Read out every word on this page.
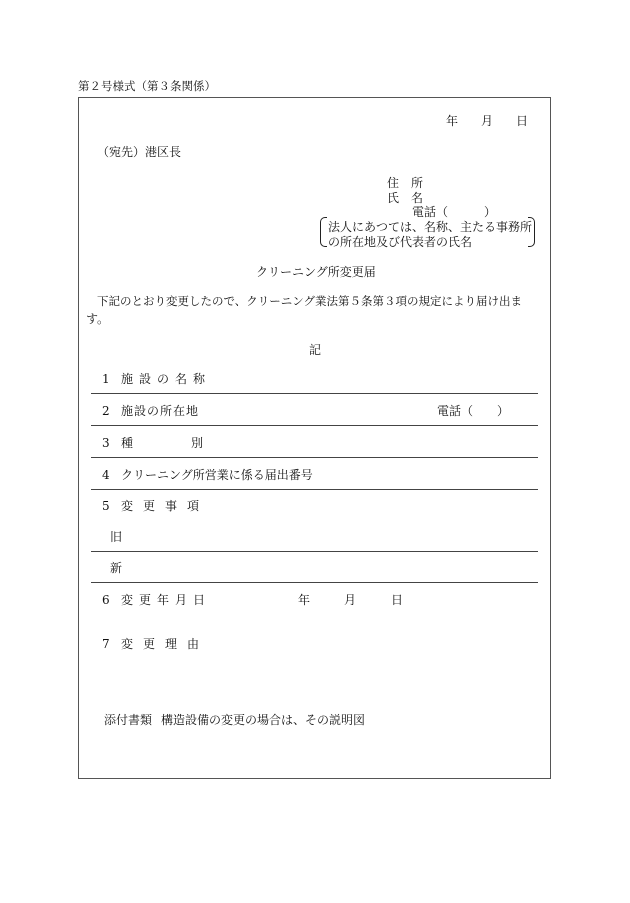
第２号様式（第３条関係）
年 月 日
（宛先）港区長
住　所
氏　名
電話（　　　）
法人にあつては、名称、主たる事務所
の所在地及び代表者の氏名
クリーニング所変更届
下記のとおり変更したので、クリーニング業法第５条第３項の規定により届け出ま
す。
記
1 施設の名称
2 施設の所在地	電話（　　）
3 種	別
4 クリーニング所営業に係る届出番号
5 変更事項
旧
新
6 変更年月日	年	月	日
7 変更理由
添付書類 構造設備の変更の場合は、その説明図
